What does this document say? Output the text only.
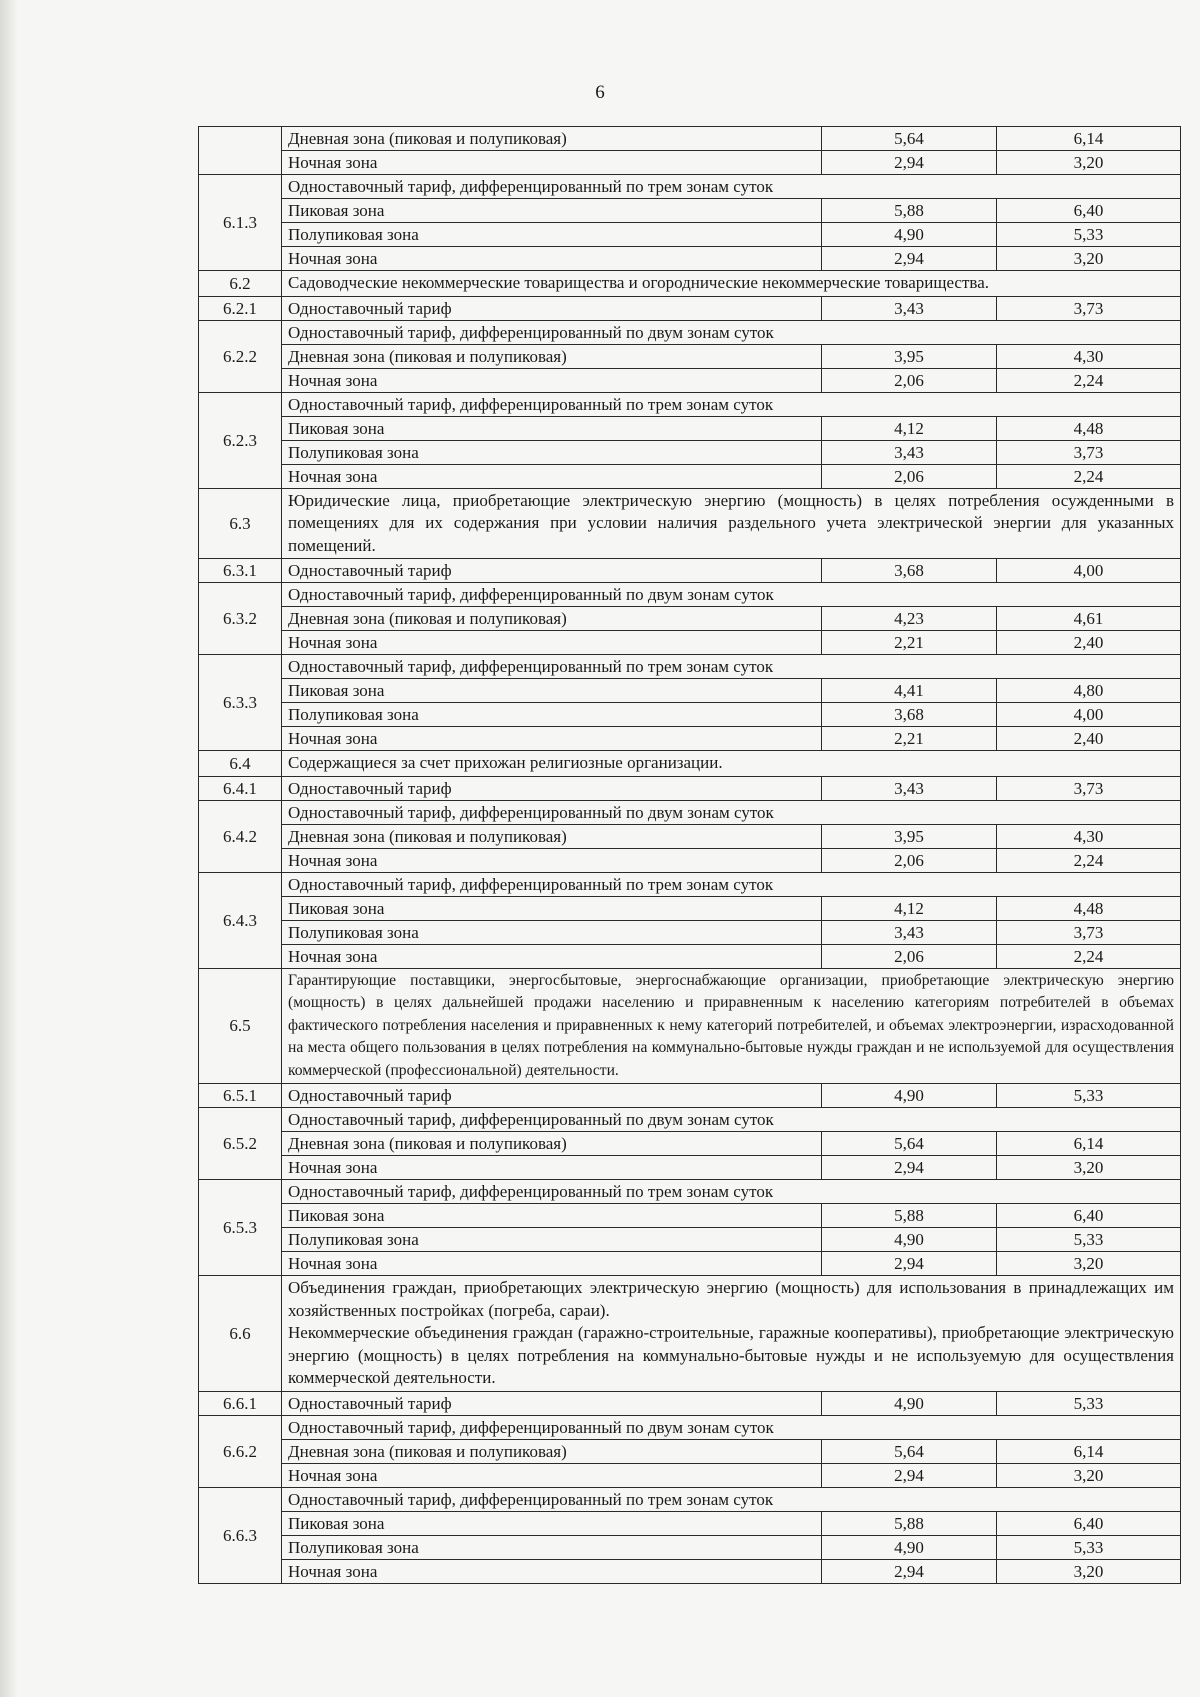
6
	Дневная зона (пиковая и полупиковая)	5,64	6,14
	Ночная зона	2,94	3,20
6.1.3	Одноставочный тариф, дифференцированный по трем зонам суток		
	Пиковая зона	5,88	6,40
	Полупиковая зона	4,90	5,33
	Ночная зона	2,94	3,20
6.2	Садоводческие некоммерческие товарищества и огороднические некоммерческие товарищества.		

6.2.1	Одноставочный тариф	3,43	3,73
6.2.2	Одноставочный тариф, дифференцированный по двум зонам суток		
	Дневная зона (пиковая и полупиковая)	3,95	4,30
	Ночная зона	2,06	2,24
6.2.3	Одноставочный тариф, дифференцированный по трем зонам суток		
	Пиковая зона	4,12	4,48
	Полупиковая зона	3,43	3,73
	Ночная зона	2,06	2,24
6.3	Юридические лица, приобретающие электрическую энергию (мощность) в целях потребления осужденными в помещениях для их содержания при условии наличия раздельного учета электрической энергии для указанных помещений.		

6.3.1	Одноставочный тариф	3,68	4,00
6.3.2	Одноставочный тариф, дифференцированный по двум зонам суток		
	Дневная зона (пиковая и полупиковая)	4,23	4,61
	Ночная зона	2,21	2,40
6.3.3	Одноставочный тариф, дифференцированный по трем зонам суток		
	Пиковая зона	4,41	4,80
	Полупиковая зона	3,68	4,00
	Ночная зона	2,21	2,40
6.4	Содержащиеся за счет прихожан религиозные организации.		

6.4.1	Одноставочный тариф	3,43	3,73
6.4.2	Одноставочный тариф, дифференцированный по двум зонам суток		
	Дневная зона (пиковая и полупиковая)	3,95	4,30
	Ночная зона	2,06	2,24
6.4.3	Одноставочный тариф, дифференцированный по трем зонам суток		
	Пиковая зона	4,12	4,48
	Полупиковая зона	3,43	3,73
	Ночная зона	2,06	2,24
6.5	Гарантирующие поставщики, энергосбытовые, энергоснабжающие организации, приобретающие электрическую энергию (мощность) в целях дальнейшей продажи населению и приравненным к населению категориям потребителей в объемах фактического потребления населения и приравненных к нему категорий потребителей, и объемах электроэнергии, израсходованной на места общего пользования в целях потребления на коммунально-бытовые нужды граждан и не используемой для осуществления коммерческой (профессиональной) деятельности.		

6.5.1	Одноставочный тариф	4,90	5,33
6.5.2	Одноставочный тариф, дифференцированный по двум зонам суток		
	Дневная зона (пиковая и полупиковая)	5,64	6,14
	Ночная зона	2,94	3,20
6.5.3	Одноставочный тариф, дифференцированный по трем зонам суток		
	Пиковая зона	5,88	6,40
	Полупиковая зона	4,90	5,33
	Ночная зона	2,94	3,20
6.6	Объединения граждан, приобретающих электрическую энергию (мощность) для использования в принадлежащих им хозяйственных постройках (погреба, сараи).
Некоммерческие объединения граждан (гаражно-строительные, гаражные кооперативы), приобретающие электрическую энергию (мощность) в целях потребления на коммунально-бытовые нужды и не используемую для осуществления коммерческой деятельности.		

6.6.1	Одноставочный тариф	4,90	5,33
6.6.2	Одноставочный тариф, дифференцированный по двум зонам суток		
	Дневная зона (пиковая и полупиковая)	5,64	6,14
	Ночная зона	2,94	3,20
6.6.3	Одноставочный тариф, дифференцированный по трем зонам суток		
	Пиковая зона	5,88	6,40
	Полупиковая зона	4,90	5,33
	Ночная зона	2,94	3,20
